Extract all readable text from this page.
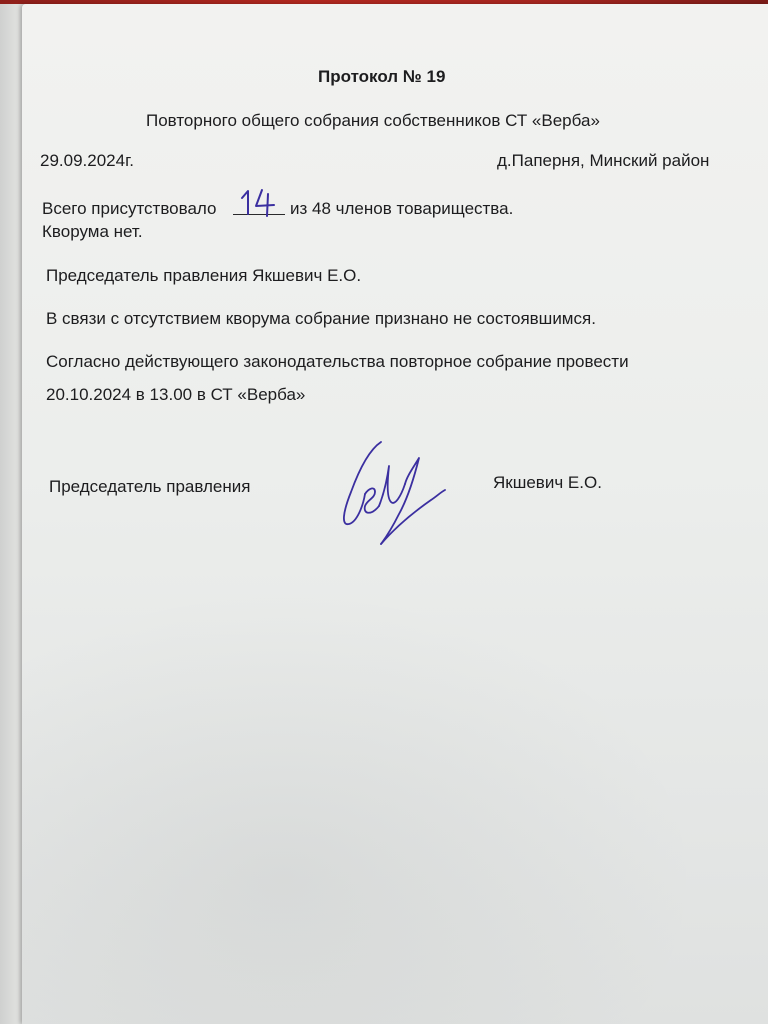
Протокол № 19

Повторного общего собрания собственников СТ «Верба»

29.09.2024г.	д.Паперня, Минский район

Всего присутствовало	из 48 членов товарищества.

Кворума нет.

Председатель правления Якшевич Е.О.

В связи с отсутствием кворума собрание признано не состоявшимся.

Согласно действующего законодательства повторное собрание провести

20.10.2024 в 13.00 в СТ «Верба»

Председатель правления	Якшевич Е.О.
